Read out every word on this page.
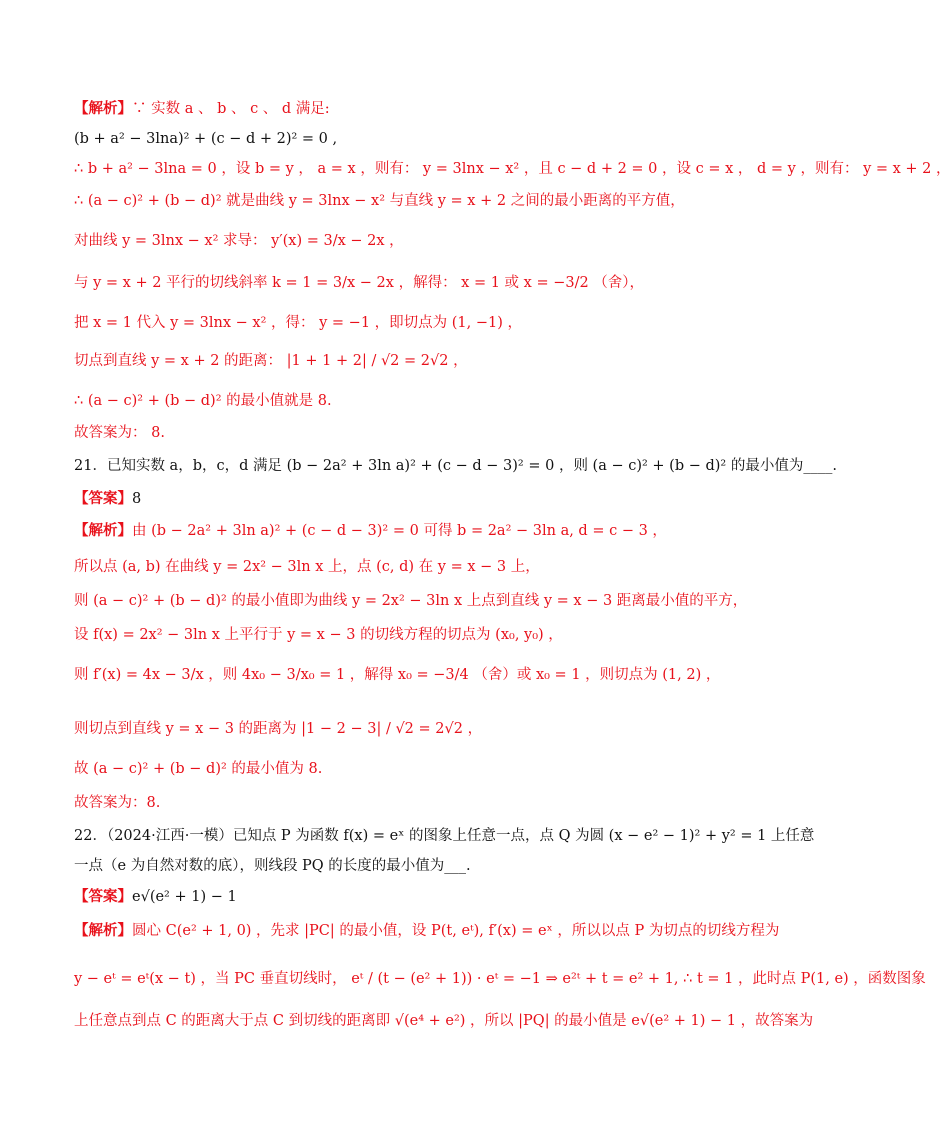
【解析】∵ 实数 a 、 b 、 c 、 d 满足:
(b + a² − 3lna)² + (c − d + 2)² = 0 ,
∴ b + a² − 3lna = 0 ，设 b = y ， a = x ，则有： y = 3lnx − x² ，且 c − d + 2 = 0 ，设 c = x ， d = y ，则有： y = x + 2 ，
∴ (a − c)² + (b − d)² 就是曲线 y = 3lnx − x² 与直线 y = x + 2 之间的最小距离的平方值，
对曲线 y = 3lnx − x² 求导： y′(x) = 3/x − 2x ，
与 y = x + 2 平行的切线斜率 k = 1 = 3/x − 2x ，解得： x = 1 或 x = −3/2 （舍），
把 x = 1 代入 y = 3lnx − x² ，得： y = −1 ，即切点为 (1, −1) ，
切点到直线 y = x + 2 的距离： |1 + 1 + 2| / √2 = 2√2 ，
∴ (a − c)² + (b − d)² 的最小值就是 8.
故答案为： 8.
21．已知实数 a，b，c，d 满足 (b − 2a² + 3ln a)² + (c − d − 3)² = 0 ，则 (a − c)² + (b − d)² 的最小值为____.
【答案】8
【解析】由 (b − 2a² + 3ln a)² + (c − d − 3)² = 0 可得 b = 2a² − 3ln a, d = c − 3 ，
所以点 (a, b) 在曲线 y = 2x² − 3ln x 上，点 (c, d) 在 y = x − 3 上，
则 (a − c)² + (b − d)² 的最小值即为曲线 y = 2x² − 3ln x 上点到直线 y = x − 3 距离最小值的平方，
设 f(x) = 2x² − 3ln x 上平行于 y = x − 3 的切线方程的切点为 (x₀, y₀) ，
则 f′(x) = 4x − 3/x ，则 4x₀ − 3/x₀ = 1 ，解得 x₀ = −3/4 （舍）或 x₀ = 1 ，则切点为 (1, 2) ，
则切点到直线 y = x − 3 的距离为 |1 − 2 − 3| / √2 = 2√2 ，
故 (a − c)² + (b − d)² 的最小值为 8.
故答案为：8.
22．（2024·江西·一模）已知点 P 为函数 f(x) = eˣ 的图象上任意一点，点 Q 为圆 (x − e² − 1)² + y² = 1 上任意
一点（e 为自然对数的底），则线段 PQ 的长度的最小值为___.
【答案】e√(e² + 1) − 1
【解析】圆心 C(e² + 1, 0) ，先求 |PC| 的最小值，设 P(t, eᵗ), f′(x) = eˣ ，所以以点 P 为切点的切线方程为
y − eᵗ = eᵗ(x − t) ，当 PC 垂直切线时， eᵗ / (t − (e² + 1)) · eᵗ = −1 ⇒ e²ᵗ + t = e² + 1, ∴ t = 1 ，此时点 P(1, e) ，函数图象
上任意点到点 C 的距离大于点 C 到切线的距离即 √(e⁴ + e²) ，所以 |PQ| 的最小值是 e√(e² + 1) − 1 ，故答案为
